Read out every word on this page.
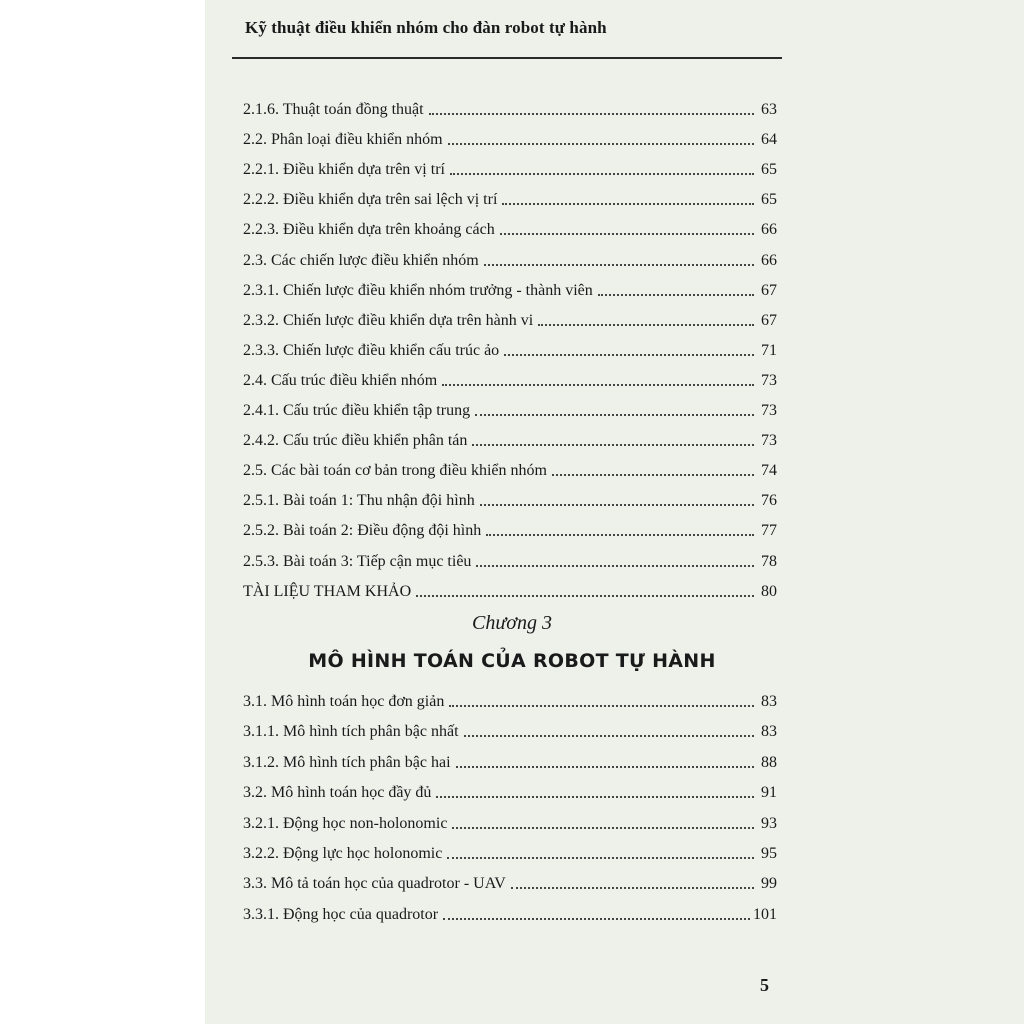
Kỹ thuật điều khiển nhóm cho đàn robot tự hành
2.1.6. Thuật toán đồng thuật	63
2.2. Phân loại điều khiển nhóm	64
2.2.1. Điều khiển dựa trên vị trí	65
2.2.2. Điều khiển dựa trên sai lệch vị trí	65
2.2.3. Điều khiển dựa trên khoảng cách	66
2.3. Các chiến lược điều khiển nhóm	66
2.3.1. Chiến lược điều khiển nhóm trưởng - thành viên	67
2.3.2. Chiến lược điều khiển dựa trên hành vi	67
2.3.3. Chiến lược điều khiển cấu trúc ảo	71
2.4. Cấu trúc điều khiển nhóm	73
2.4.1. Cấu trúc điều khiển tập trung	73
2.4.2. Cấu trúc điều khiển phân tán	73
2.5. Các bài toán cơ bản trong điều khiển nhóm	74
2.5.1. Bài toán 1: Thu nhận đội hình	76
2.5.2. Bài toán 2: Điều động đội hình	77
2.5.3. Bài toán 3: Tiếp cận mục tiêu	78
TÀI LIỆU THAM KHẢO	80
Chương 3
MÔ HÌNH TOÁN CỦA ROBOT TỰ HÀNH
3.1. Mô hình toán học đơn giản	83
3.1.1. Mô hình tích phân bậc nhất	83
3.1.2. Mô hình tích phân bậc hai	88
3.2. Mô hình toán học đầy đủ	91
3.2.1. Động học non-holonomic	93
3.2.2. Động lực học holonomic	95
3.3. Mô tả toán học của quadrotor - UAV	99
3.3.1. Động học của quadrotor	101
5
